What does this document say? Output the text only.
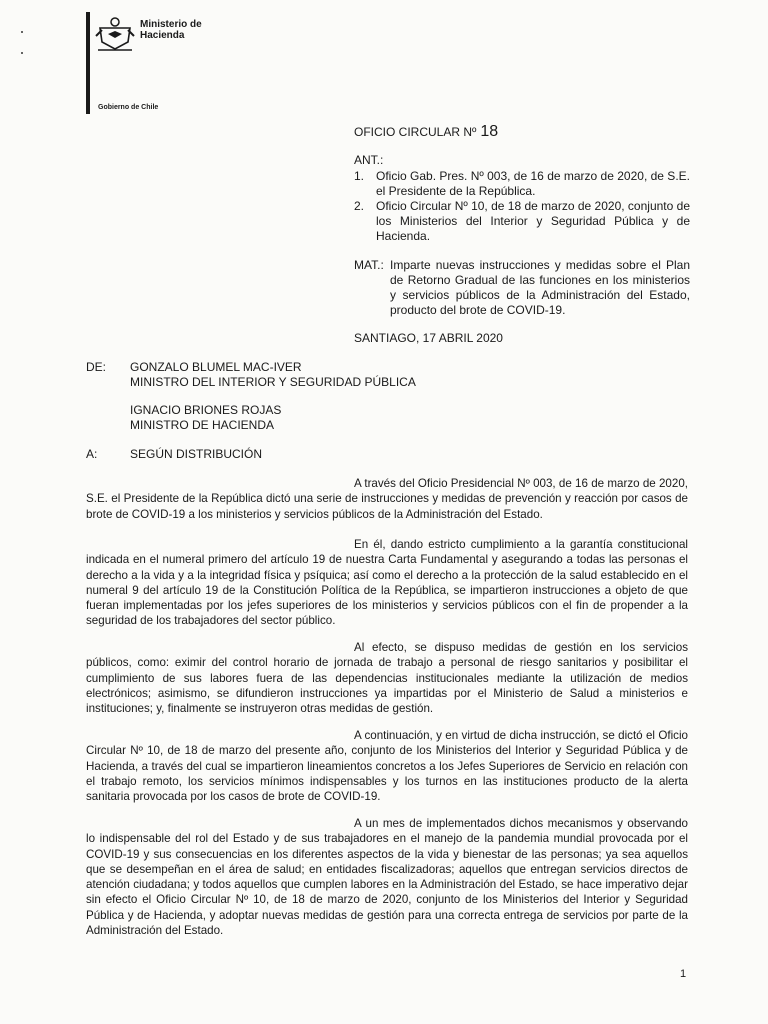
Ministerio de Hacienda
Gobierno de Chile
OFICIO CIRCULAR Nº 18
ANT.:
1. Oficio Gab. Pres. Nº 003, de 16 de marzo de 2020, de S.E. el Presidente de la República.
2. Oficio Circular Nº 10, de 18 de marzo de 2020, conjunto de los Ministerios del Interior y Seguridad Pública y de Hacienda.
MAT.: Imparte nuevas instrucciones y medidas sobre el Plan de Retorno Gradual de las funciones en los ministerios y servicios públicos de la Administración del Estado, producto del brote de COVID-19.
SANTIAGO, 17 ABRIL 2020
DE:	GONZALO BLUMEL MAC-IVER
MINISTRO DEL INTERIOR Y SEGURIDAD PÚBLICA
IGNACIO BRIONES ROJAS
MINISTRO DE HACIENDA
A:	SEGÚN DISTRIBUCIÓN
A través del Oficio Presidencial Nº 003, de 16 de marzo de 2020, S.E. el Presidente de la República dictó una serie de instrucciones y medidas de prevención y reacción por casos de brote de COVID-19 a los ministerios y servicios públicos de la Administración del Estado.
En él, dando estricto cumplimiento a la garantía constitucional indicada en el numeral primero del artículo 19 de nuestra Carta Fundamental y asegurando a todas las personas el derecho a la vida y a la integridad física y psíquica; así como el derecho a la protección de la salud establecido en el numeral 9 del artículo 19 de la Constitución Política de la República, se impartieron instrucciones a objeto de que fueran implementadas por los jefes superiores de los ministerios y servicios públicos con el fin de propender a la seguridad de los trabajadores del sector público.
Al efecto, se dispuso medidas de gestión en los servicios públicos, como: eximir del control horario de jornada de trabajo a personal de riesgo sanitarios y posibilitar el cumplimiento de sus labores fuera de las dependencias institucionales mediante la utilización de medios electrónicos; asimismo, se difundieron instrucciones ya impartidas por el Ministerio de Salud a ministerios e instituciones; y, finalmente se instruyeron otras medidas de gestión.
A continuación, y en virtud de dicha instrucción, se dictó el Oficio Circular Nº 10, de 18 de marzo del presente año, conjunto de los Ministerios del Interior y Seguridad Pública y de Hacienda, a través del cual se impartieron lineamientos concretos a los Jefes Superiores de Servicio en relación con el trabajo remoto, los servicios mínimos indispensables y los turnos en las instituciones producto de la alerta sanitaria provocada por los casos de brote de COVID-19.
A un mes de implementados dichos mecanismos y observando lo indispensable del rol del Estado y de sus trabajadores en el manejo de la pandemia mundial provocada por el COVID-19 y sus consecuencias en los diferentes aspectos de la vida y bienestar de las personas; ya sea aquellos que se desempeñan en el área de salud; en entidades fiscalizadoras; aquellos que entregan servicios directos de atención ciudadana; y todos aquellos que cumplen labores en la Administración del Estado, se hace imperativo dejar sin efecto el Oficio Circular Nº 10, de 18 de marzo de 2020, conjunto de los Ministerios del Interior y Seguridad Pública y de Hacienda, y adoptar nuevas medidas de gestión para una correcta entrega de servicios por parte de la Administración del Estado.
1
